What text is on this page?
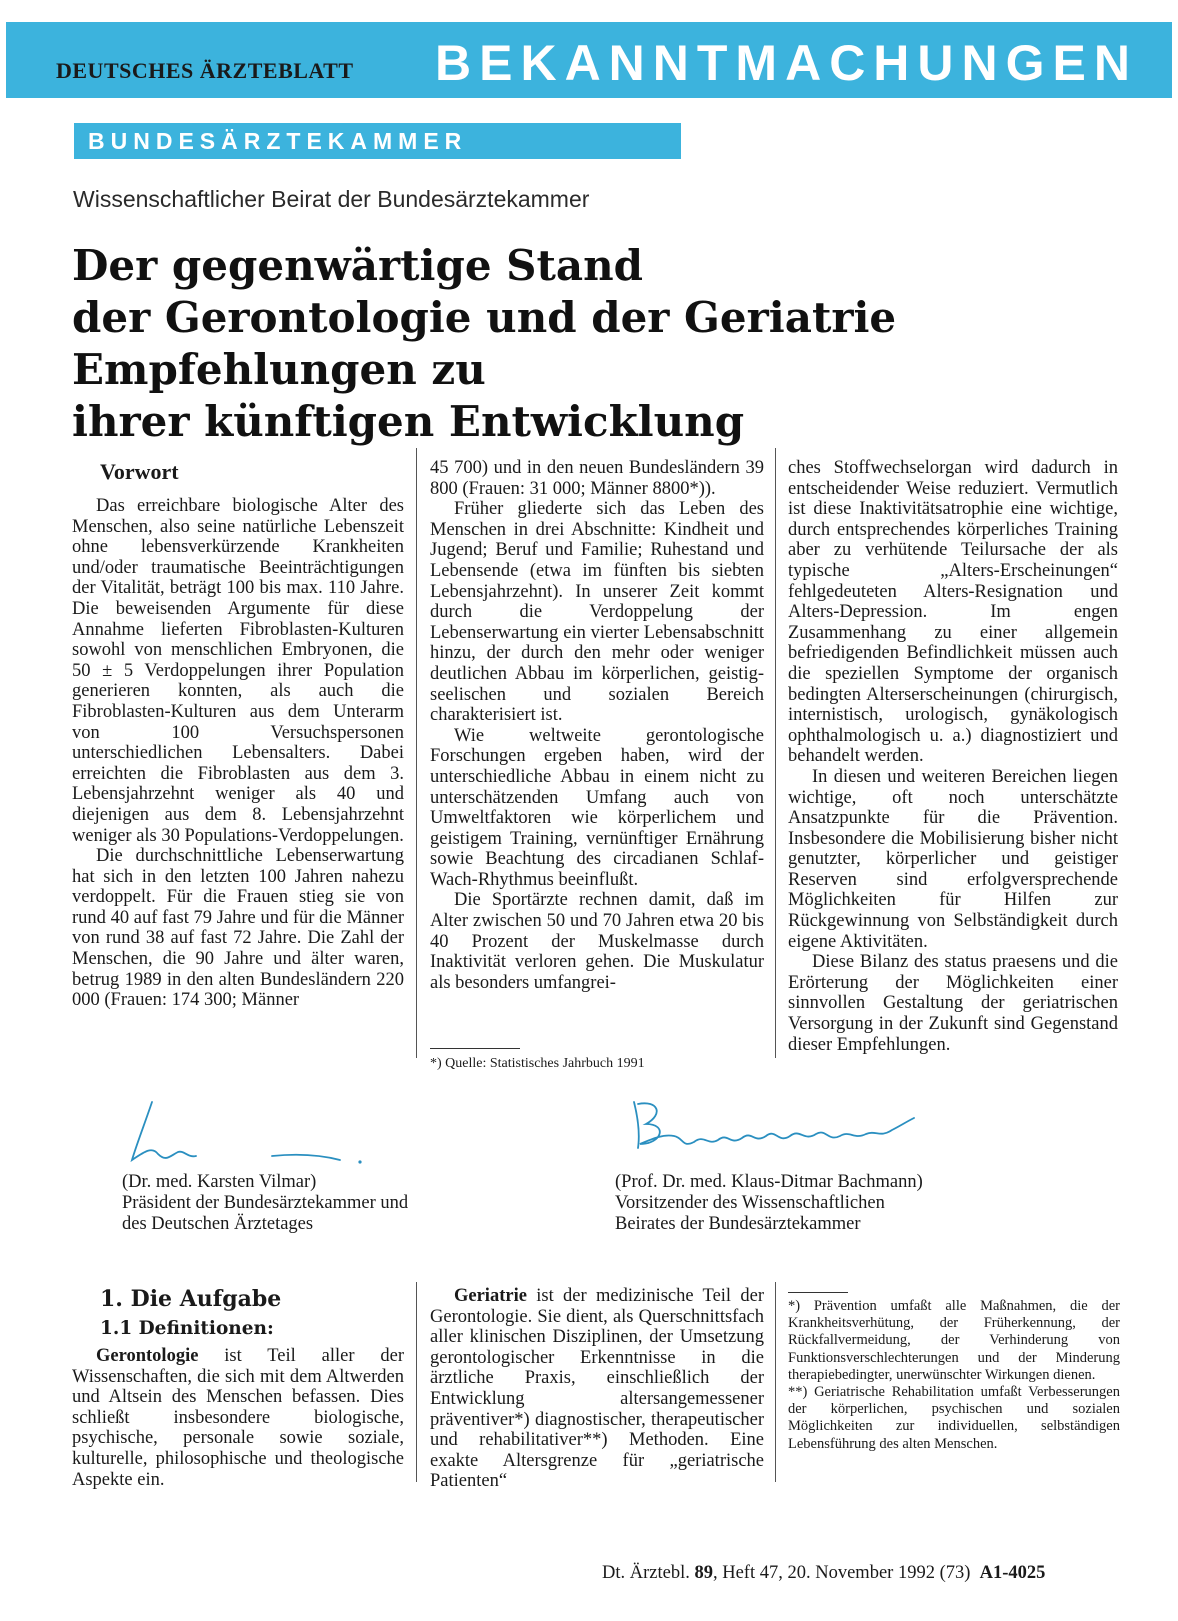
DEUTSCHES ÄRZTEBLATT BEKANNTMACHUNGEN
BUNDESÄRZTEKAMMER
Wissenschaftlicher Beirat der Bundesärztekammer
Der gegenwärtige Stand
der Gerontologie und der Geriatrie
Empfehlungen zu
ihrer künftigen Entwicklung
Vorwort

Das erreichbare biologische Alter des Menschen, also seine natürliche Lebenszeit ohne lebensverkürzende Krankheiten und/oder traumatische Beeinträchtigungen der Vitalität, beträgt 100 bis max. 110 Jahre. Die beweisenden Argumente für diese Annahme lieferten Fibroblasten-Kulturen sowohl von menschlichen Embryonen, die 50 ± 5 Verdoppelungen ihrer Population generieren konnten, als auch die Fibroblasten-Kulturen aus dem Unterarm von 100 Versuchspersonen unterschiedlichen Lebensalters. Dabei erreichten die Fibroblasten aus dem 3. Lebensjahrzehnt weniger als 40 und diejenigen aus dem 8. Lebensjahrzehnt weniger als 30 Populations-Verdoppelungen.

Die durchschnittliche Lebenserwartung hat sich in den letzten 100 Jahren nahezu verdoppelt. Für die Frauen stieg sie von rund 40 auf fast 79 Jahre und für die Männer von rund 38 auf fast 72 Jahre. Die Zahl der Menschen, die 90 Jahre und älter waren, betrug 1989 in den alten Bundesländern 220 000 (Frauen: 174 300; Männer

45 700) und in den neuen Bundesländern 39 800 (Frauen: 31 000; Männer 8800*)).

Früher gliederte sich das Leben des Menschen in drei Abschnitte: Kindheit und Jugend; Beruf und Familie; Ruhestand und Lebensende (etwa im fünften bis siebten Lebensjahrzehnt). In unserer Zeit kommt durch die Verdoppelung der Lebenserwartung ein vierter Lebensabschnitt hinzu, der durch den mehr oder weniger deutlichen Abbau im körperlichen, geistig-seelischen und sozialen Bereich charakterisiert ist.

Wie weltweite gerontologische Forschungen ergeben haben, wird der unterschiedliche Abbau in einem nicht zu unterschätzenden Umfang auch von Umweltfaktoren wie körperlichem und geistigem Training, vernünftiger Ernährung sowie Beachtung des circadianen Schlaf-Wach-Rhythmus beeinflußt.

Die Sportärzte rechnen damit, daß im Alter zwischen 50 und 70 Jahren etwa 20 bis 40 Prozent der Muskelmasse durch Inaktivität verloren gehen. Die Muskulatur als besonders umfangrei-

*) Quelle: Statistisches Jahrbuch 1991

ches Stoffwechselorgan wird dadurch in entscheidender Weise reduziert. Vermutlich ist diese Inaktivitätsatrophie eine wichtige, durch entsprechendes körperliches Training aber zu verhütende Teilursache der als typische „Alters-Erscheinungen“ fehlgedeuteten Alters-Resignation und Alters-Depression. Im engen Zusammenhang zu einer allgemein befriedigenden Befindlichkeit müssen auch die speziellen Symptome der organisch bedingten Alterserscheinungen (chirurgisch, internistisch, urologisch, gynäkologisch ophthalmologisch u. a.) diagnostiziert und behandelt werden.

In diesen und weiteren Bereichen liegen wichtige, oft noch unterschätzte Ansatzpunkte für die Prävention. Insbesondere die Mobilisierung bisher nicht genutzter, körperlicher und geistiger Reserven sind erfolgversprechende Möglichkeiten für Hilfen zur Rückgewinnung von Selbständigkeit durch eigene Aktivitäten.

Diese Bilanz des status praesens und die Erörterung der Möglichkeiten einer sinnvollen Gestaltung der geriatrischen Versorgung in der Zukunft sind Gegenstand dieser Empfehlungen.

(Dr. med. Karsten Vilmar)
Präsident der Bundesärztekammer und
des Deutschen Ärztetages
(Prof. Dr. med. Klaus-Ditmar Bachmann)
Vorsitzender des Wissenschaftlichen
Beirates der Bundesärztekammer
1. Die Aufgabe
1.1 Definitionen:

Gerontologie ist Teil aller der Wissenschaften, die sich mit dem Altwerden und Altsein des Menschen befassen. Dies schließt insbesondere biologische, psychische, personale sowie soziale, kulturelle, philosophische und theologische Aspekte ein.

Geriatrie ist der medizinische Teil der Gerontologie. Sie dient, als Querschnittsfach aller klinischen Disziplinen, der Umsetzung gerontologischer Erkenntnisse in die ärztliche Praxis, einschließlich der Entwicklung altersangemessener präventiver*) diagnostischer, therapeutischer und rehabilitativer**) Methoden. Eine exakte Altersgrenze für „geriatrische Patienten“

*) Prävention umfaßt alle Maßnahmen, die der Krankheitsverhütung, der Früherkennung, der Rückfallvermeidung, der Verhinderung von Funktionsverschlechterungen und der Minderung therapiebedingter, unerwünschter Wirkungen dienen.

**) Geriatrische Rehabilitation umfaßt Verbesserungen der körperlichen, psychischen und sozialen Möglichkeiten zur individuellen, selbständigen Lebensführung des alten Menschen.

Dt. Ärztebl. 89, Heft 47, 20. November 1992 (73) A1-4025
